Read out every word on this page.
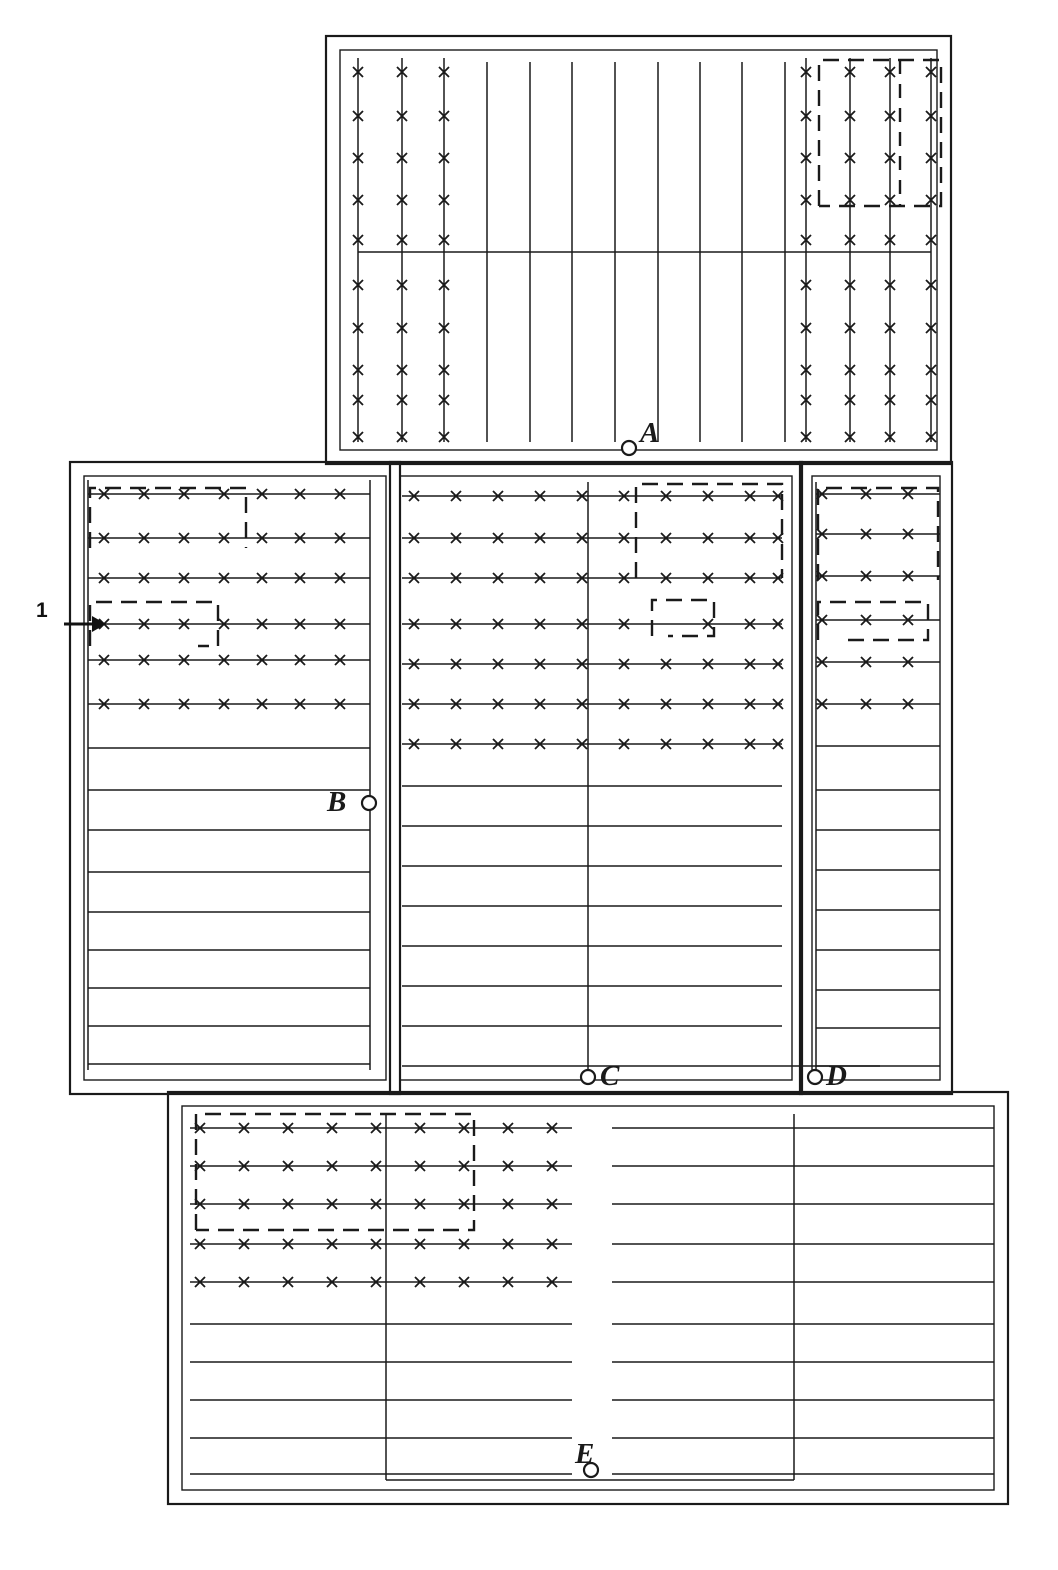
1
A
B
C	D
E
